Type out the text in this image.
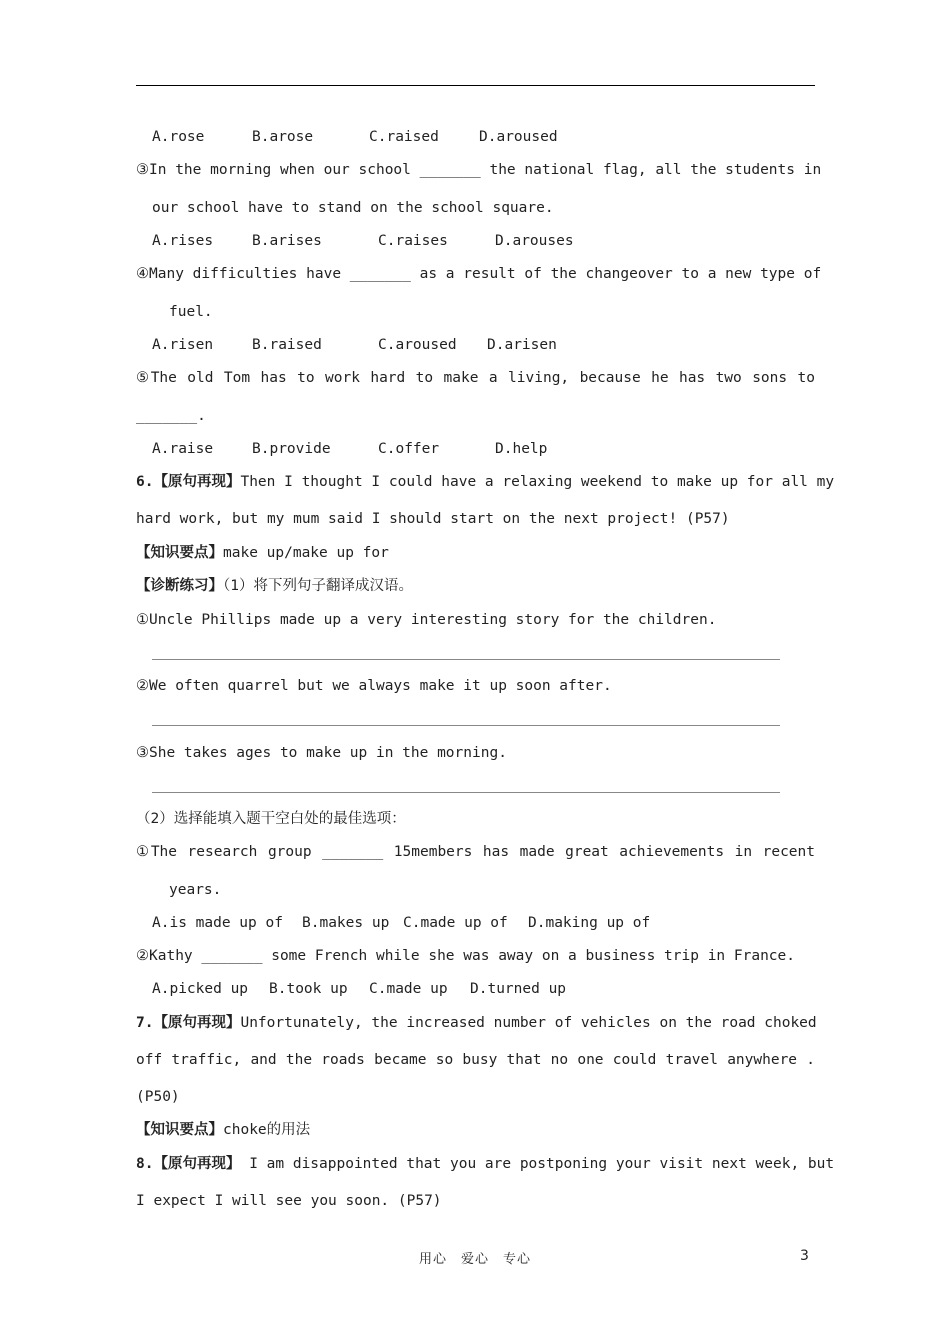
A.rose	B.arose	C.raised	D.aroused
③In the morning when our school _______ the national flag, all the students in
our school have to stand on the school square.
A.rises	B.arises	C.raises	D.arouses
④Many difficulties have _______ as a result of the changeover to a new type of
fuel.
A.risen	B.raised	C.aroused D.arisen
⑤The old Tom has to work hard to make a living, because he has two sons to
_______.
A.raise	B.provide	C.offer	D.help
6.【原句再现】Then I thought I could have a relaxing weekend to make up for all my
hard work, but my mum said I should start on the next project! (P57)
【知识要点】make up/make up for
【诊断练习】（1）将下列句子翻译成汉语。
①Uncle Phillips made up a very interesting story for the children.
②We often quarrel but we always make it up soon after.
③She takes ages to make up in the morning.
（2）选择能填入题干空白处的最佳选项：
①The research group _______ 15members has made great achievements in recent
years.
A.is made up of B.makes up C.made up of D.making up of
②Kathy _______ some French while she was away on a business trip in France.
A.picked up B.took up C.made up D.turned up
7.【原句再现】Unfortunately, the increased number of vehicles on the road choked
off traffic, and the roads became so busy that no one could travel anywhere .
(P50)
【知识要点】choke的用法
8.【原句再现】 I am disappointed that you are postponing your visit next week, but
I expect I will see you soon. (P57)
用心　爱心　专心	3
